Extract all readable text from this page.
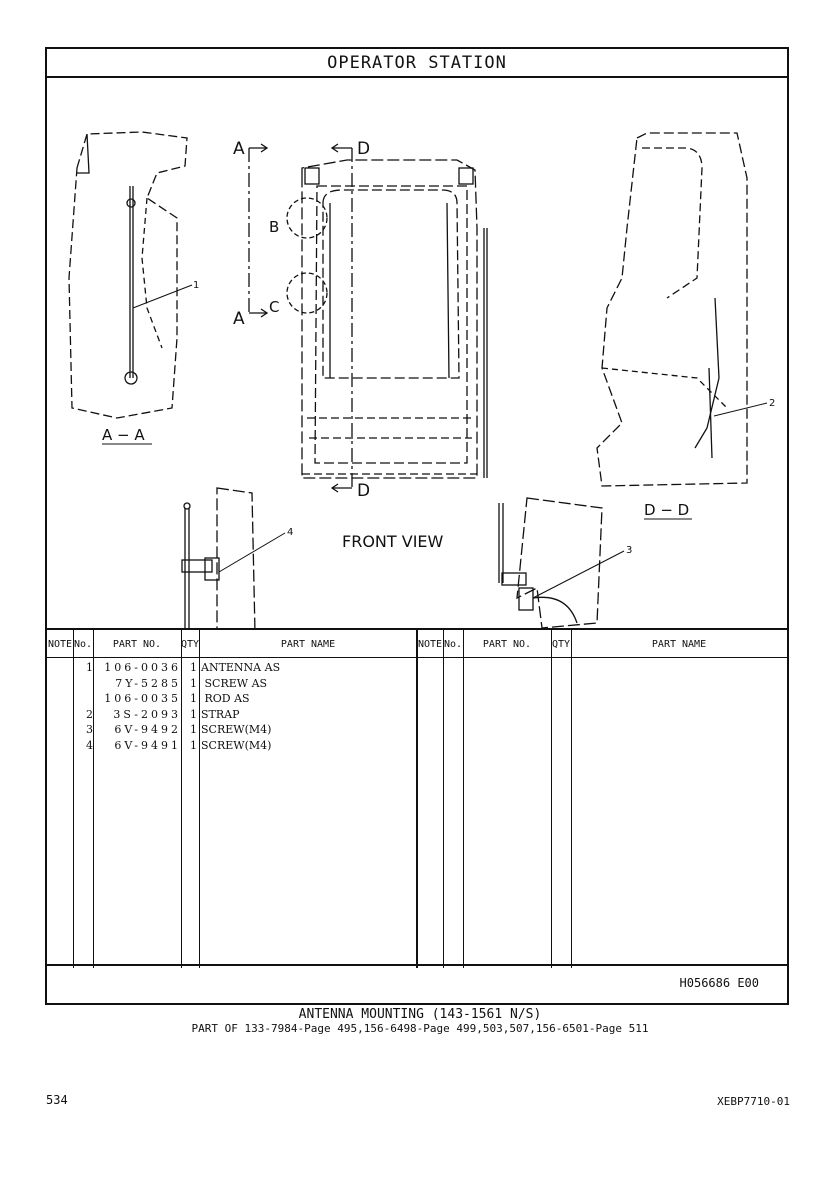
OPERATOR STATION
1
A − A
A
A
D
D
B
C
FRONT VIEW
2
D − D
4
3
NOTE No.	PART NO.	QTY	PART NAME	NOTE No.	PART NO.	QTY	PART NAME
1	106-0036 1 ANTENNA AS
7Y-5285 1 SCREW AS
106-0035 1 ROD AS
2	3S-2093 1 STRAP
3	6V-9492 1 SCREW(M4)
4	6V-9491 1 SCREW(M4)
H056686 E00
ANTENNA MOUNTING (143-1561 N/S)
PART OF 133-7984-Page 495,156-6498-Page 499,503,507,156-6501-Page 511
534	XEBP7710-01
